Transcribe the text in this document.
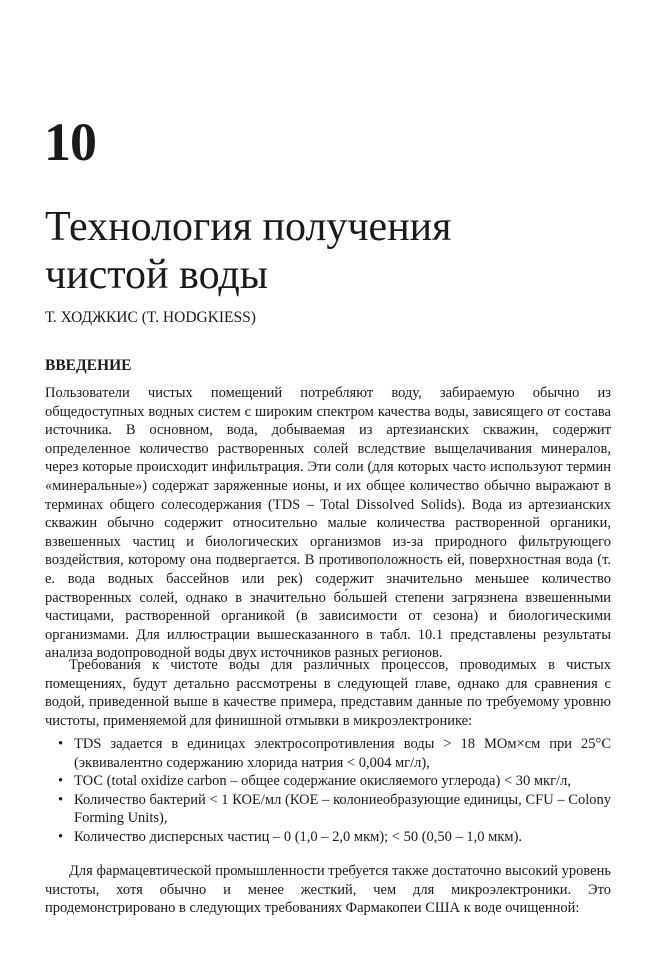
10
Технология получения чистой воды
Т. ХОДЖКИС (T. HODGKIESS)
ВВЕДЕНИЕ

Пользователи чистых помещений потребляют воду, забираемую обычно из общедоступных водных систем с широким спектром качества воды, зависящего от состава источника. В основном, вода, добываемая из артезианских скважин, содержит определенное количество растворенных солей вследствие выщелачивания минералов, через которые происходит инфильтрация. Эти соли (для которых часто используют термин «минеральные») содержат заряженные ионы, и их общее количество обычно выражают в терминах общего солесодержания (TDS – Total Dissolved Solids). Вода из артезианских скважин обычно содержит относительно малые количества растворенной органики, взвешенных частиц и биологических организмов из-за природного фильтрующего воздействия, которому она подвергается. В противоположность ей, поверхностная вода (т. е. вода водных бассейнов или рек) содержит значительно меньшее количество растворенных солей, однако в значительно бо́льшей степени загрязнена взвешенными частицами, растворенной органикой (в зависимости от сезона) и биологическими организмами. Для иллюстрации вышесказанного в табл. 10.1 представлены результаты анализа водопроводной воды двух источников разных регионов.

Требования к чистоте воды для различных процессов, проводимых в чистых помещениях, будут детально рассмотрены в следующей главе, однако для сравнения с водой, приведенной выше в качестве примера, представим данные по требуемому уровню чистоты, применяемой для финишной отмывки в микроэлектронике:

• TDS задается в единицах электросопротивления воды > 18 МОм×см при 25°С (эквивалентно содержанию хлорида натрия < 0,004 мг/л),
• ТОС (total oxidize carbon – общее содержание окисляемого углерода) < 30 мкг/л,
• Количество бактерий < 1 КОЕ/мл (КОЕ – колониеобразующие единицы, CFU – Colony Forming Units),
• Количество дисперсных частиц – 0 (1,0 – 2,0 мкм); < 50 (0,50 – 1,0 мкм).

Для фармацевтической промышленности требуется также достаточно высокий уровень чистоты, хотя обычно и менее жесткий, чем для микроэлектроники. Это продемонстрировано в следующих требованиях Фармакопеи США к воде очищенной:
